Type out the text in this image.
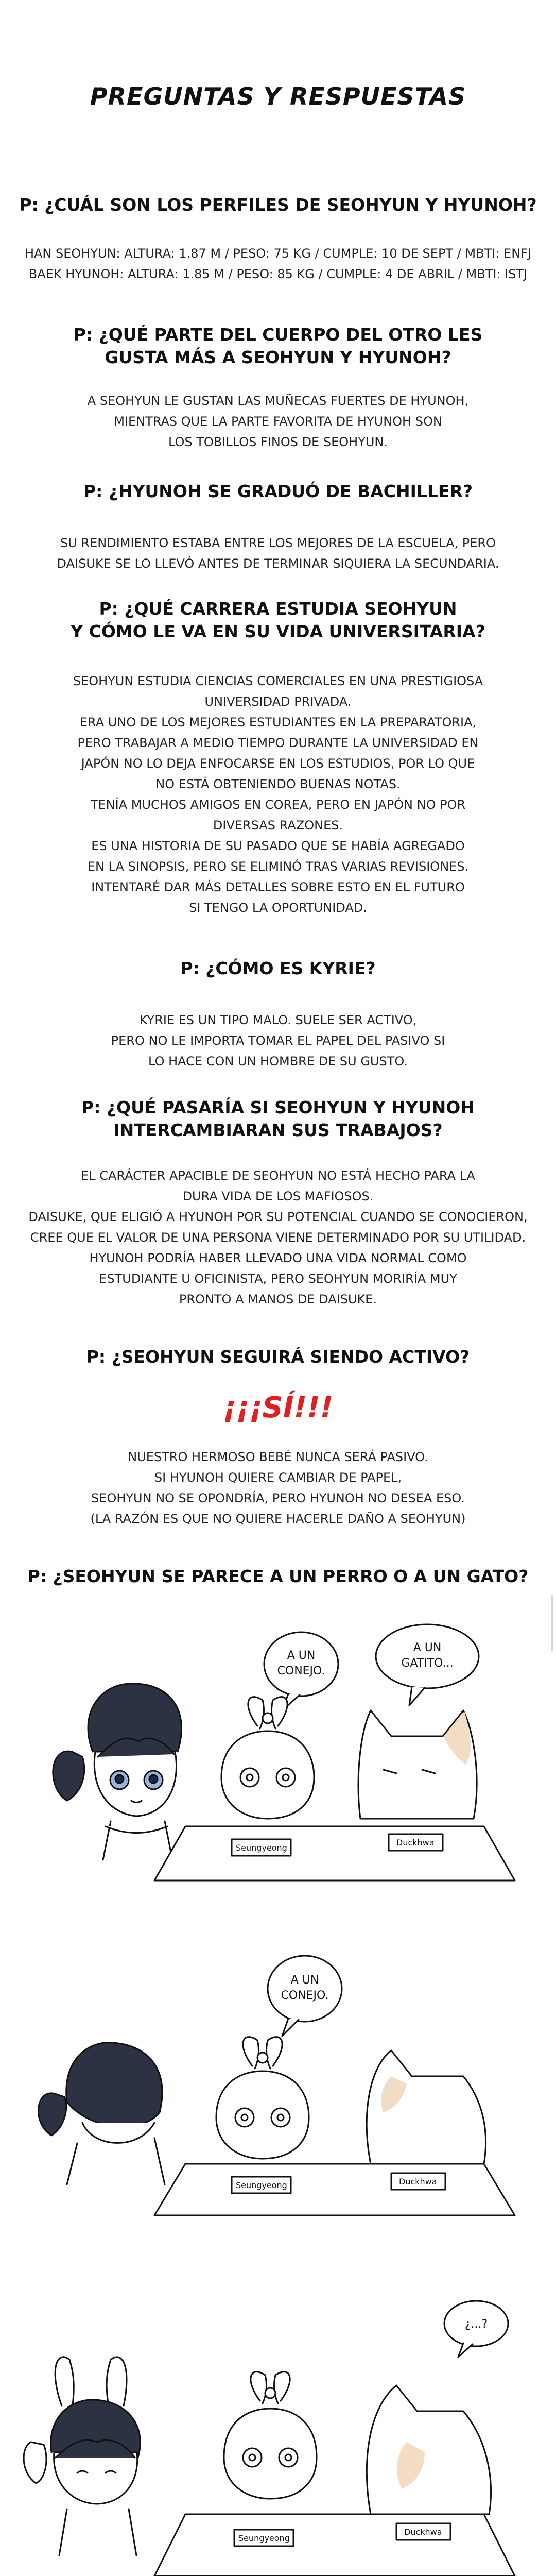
PREGUNTAS Y RESPUESTAS
P: ¿CUÁL SON LOS PERFILES DE SEOHYUN Y HYUNOH?
HAN SEOHYUN: ALTURA: 1.87 M / PESO: 75 KG / CUMPLE: 10 DE SEPT / MBTI: ENFJ
BAEK HYUNOH: ALTURA: 1.85 M / PESO: 85 KG / CUMPLE: 4 DE ABRIL / MBTI: ISTJ
P: ¿QUÉ PARTE DEL CUERPO DEL OTRO LES
GUSTA MÁS A SEOHYUN Y HYUNOH?
A SEOHYUN LE GUSTAN LAS MUÑECAS FUERTES DE HYUNOH,
MIENTRAS QUE LA PARTE FAVORITA DE HYUNOH SON
LOS TOBILLOS FINOS DE SEOHYUN.
P: ¿HYUNOH SE GRADUÓ DE BACHILLER?
SU RENDIMIENTO ESTABA ENTRE LOS MEJORES DE LA ESCUELA, PERO
DAISUKE SE LO LLEVÓ ANTES DE TERMINAR SIQUIERA LA SECUNDARIA.
P: ¿QUÉ CARRERA ESTUDIA SEOHYUN
Y CÓMO LE VA EN SU VIDA UNIVERSITARIA?
SEOHYUN ESTUDIA CIENCIAS COMERCIALES EN UNA PRESTIGIOSA
UNIVERSIDAD PRIVADA.
ERA UNO DE LOS MEJORES ESTUDIANTES EN LA PREPARATORIA,
PERO TRABAJAR A MEDIO TIEMPO DURANTE LA UNIVERSIDAD EN
JAPÓN NO LO DEJA ENFOCARSE EN LOS ESTUDIOS, POR LO QUE
NO ESTÁ OBTENIENDO BUENAS NOTAS.
TENÍA MUCHOS AMIGOS EN COREA, PERO EN JAPÓN NO POR
DIVERSAS RAZONES.
ES UNA HISTORIA DE SU PASADO QUE SE HABÍA AGREGADO
EN LA SINOPSIS, PERO SE ELIMINÓ TRAS VARIAS REVISIONES.
INTENTARÉ DAR MÁS DETALLES SOBRE ESTO EN EL FUTURO
SI TENGO LA OPORTUNIDAD.
P: ¿CÓMO ES KYRIE?
KYRIE ES UN TIPO MALO. SUELE SER ACTIVO,
PERO NO LE IMPORTA TOMAR EL PAPEL DEL PASIVO SI
LO HACE CON UN HOMBRE DE SU GUSTO.
P: ¿QUÉ PASARÍA SI SEOHYUN Y HYUNOH
INTERCAMBIARAN SUS TRABAJOS?
EL CARÁCTER APACIBLE DE SEOHYUN NO ESTÁ HECHO PARA LA
DURA VIDA DE LOS MAFIOSOS.
DAISUKE, QUE ELIGIÓ A HYUNOH POR SU POTENCIAL CUANDO SE CONOCIERON,
CREE QUE EL VALOR DE UNA PERSONA VIENE DETERMINADO POR SU UTILIDAD.
HYUNOH PODRÍA HABER LLEVADO UNA VIDA NORMAL COMO
ESTUDIANTE U OFICINISTA, PERO SEOHYUN MORIRÍA MUY
PRONTO A MANOS DE DAISUKE.
P: ¿SEOHYUN SEGUIRÁ SIENDO ACTIVO?
¡¡¡SÍ!!!
NUESTRO HERMOSO BEBÉ NUNCA SERÁ PASIVO.
SI HYUNOH QUIERE CAMBIAR DE PAPEL,
SEOHYUN NO SE OPONDRÍA, PERO HYUNOH NO DESEA ESO.
(LA RAZÓN ES QUE NO QUIERE HACERLE DAÑO A SEOHYUN)
P: ¿SEOHYUN SE PARECE A UN PERRO O A UN GATO?
A UN
CONEJO.
A UN
GATITO...
Seungyeong
Duckhwa
A UN
CONEJO.
Seungyeong	Duckhwa
¿...?
Seungyeong
Duckhwa
